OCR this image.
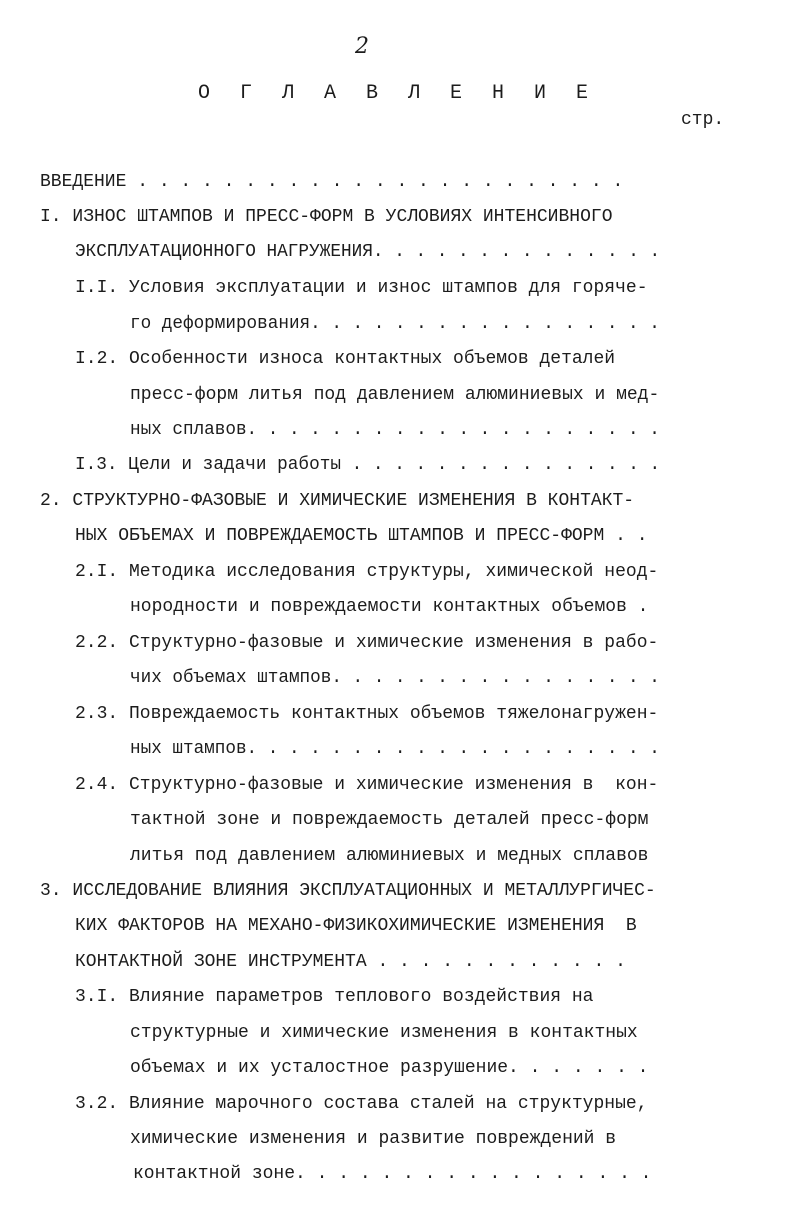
2
О Г Л А В Л Е Н И Е
стр.

ВВЕДЕНИЕ . . . . . . . . . . . . . . . . . . . . . . .

I. ИЗНОС ШТАМПОВ И ПРЕСС-ФОРМ В УСЛОВИЯХ ИНТЕНСИВНОГО

ЭКСПЛУАТАЦИОННОГО НАГРУЖЕНИЯ. . . . . . . . . . . . . .

I.I. Условия эксплуатации и износ штампов для горяче-

го деформирования. . . . . . . . . . . . . . . . .

I.2. Особенности износа контактных объемов деталей

пресс-форм литья под давлением алюминиевых и мед-

ных сплавов. . . . . . . . . . . . . . . . . . . .

I.3. Цели и задачи работы . . . . . . . . . . . . . . .

2. СТРУКТУРНО-ФАЗОВЫЕ И ХИМИЧЕСКИЕ ИЗМЕНЕНИЯ В КОНТАКТ-

НЫХ ОБЪЕМАХ И ПОВРЕЖДАЕМОСТЬ ШТАМПОВ И ПРЕСС-ФОРМ . .

2.I. Методика исследования структуры, химической неод-

нородности и повреждаемости контактных объемов .

2.2. Структурно-фазовые и химические изменения в рабо-

чих объемах штампов. . . . . . . . . . . . . . . .

2.3. Повреждаемость контактных объемов тяжелонагружен-

ных штампов. . . . . . . . . . . . . . . . . . . .

2.4. Структурно-фазовые и химические изменения в  кон-

тактной зоне и повреждаемость деталей пресс-форм

литья под давлением алюминиевых и медных сплавов

3. ИССЛЕДОВАНИЕ ВЛИЯНИЯ ЭКСПЛУАТАЦИОННЫХ И МЕТАЛЛУРГИЧЕС-

КИХ ФАКТОРОВ НА МЕХАНО-ФИЗИКОХИМИЧЕСКИЕ ИЗМЕНЕНИЯ  В

КОНТАКТНОЙ ЗОНЕ ИНСТРУМЕНТА . . . . . . . . . . . .

3.I. Влияние параметров теплового воздействия на

структурные и химические изменения в контактных

объемах и их усталостное разрушение. . . . . . .

3.2. Влияние марочного состава сталей на структурные,

химические изменения и развитие повреждений в

контактной зоне. . . . . . . . . . . . . . . . .
